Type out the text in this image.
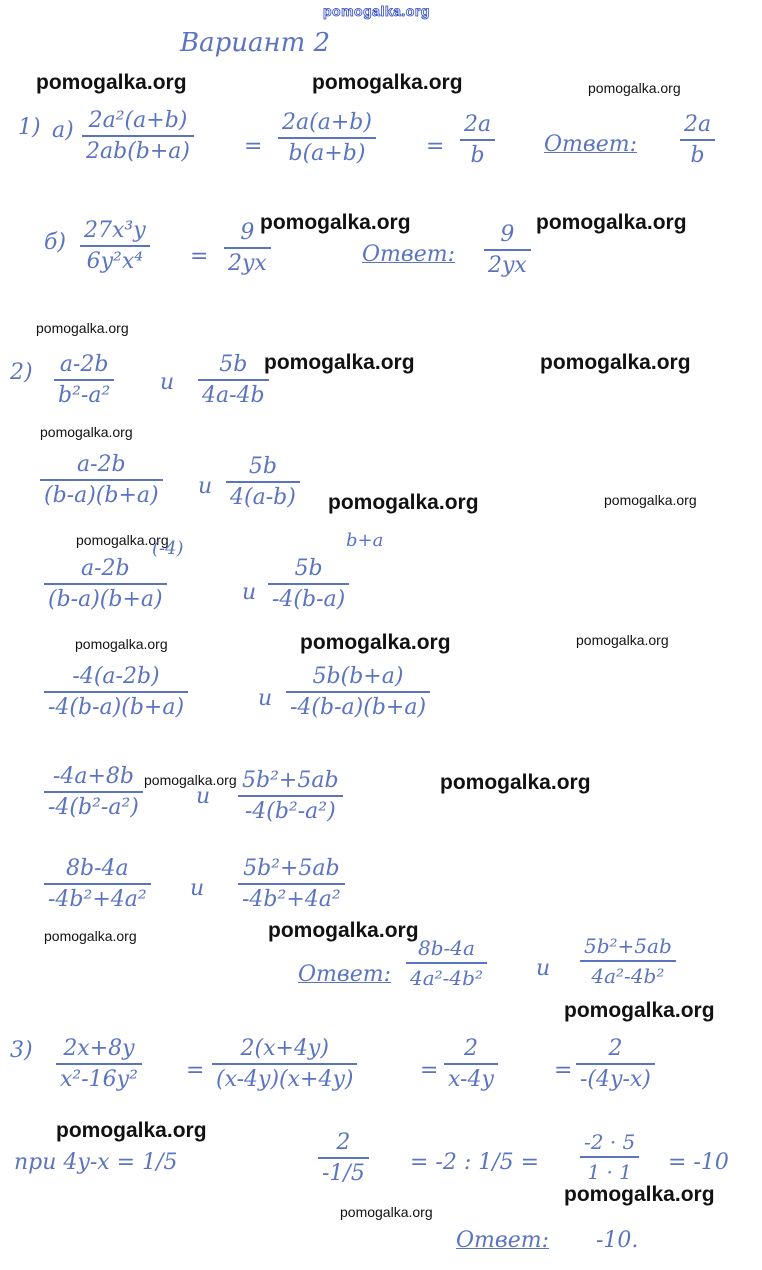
pomogalka.org
pomogalka.org	pomogalka.org	pomogalka.org
pomogalka.org	pomogalka.org
pomogalka.org
pomogalka.org	pomogalka.org
pomogalka.org
pomogalka.org	pomogalka.org
pomogalka.org
pomogalka.org	pomogalka.org	pomogalka.org
pomogalka.org	pomogalka.org
pomogalka.org	pomogalka.org
pomogalka.org
pomogalka.org
pomogalka.org
pomogalka.org
Вариант 2
1) а) 2a²(a+b)
2ab(b+a) =
2a(a+b)
b(a+b)	=
2a
b	Ответ:
2a
b
б) 27x³y
6y²x⁴ =
9
2yx	Ответ:
9
2yx
2) a-2b
b²-a² и
5b
4a-4b
a-2b
(b-a)(b+a) и
5b
4(a-b)
a-2b
(b-a)(b+a)
(-4)
и
5b
-4(b-a)
b+a
-4(a-2b)
-4(b-a)(b+a)	и
5b(b+a)
-4(b-a)(b+a)
-4a+8b
-4(b²-a²)	и
5b²+5ab
-4(b²-a²)
8b-4a
-4b²+4a² и
5b²+5ab
-4b²+4a²
Ответ:
8b-4a
4a²-4b² и
5b²+5ab
4a²-4b²
3) 2x+8y
x²-16y² =
2(x+4y)
(x-4y)(x+4y)	=
2
x-4y	=
2
-(4y-x)
при 4y-x = 1/5
2
-1/5 = -2 : 1/5 =
-2 · 5
1 · 1 = -10
Ответ: -10.
